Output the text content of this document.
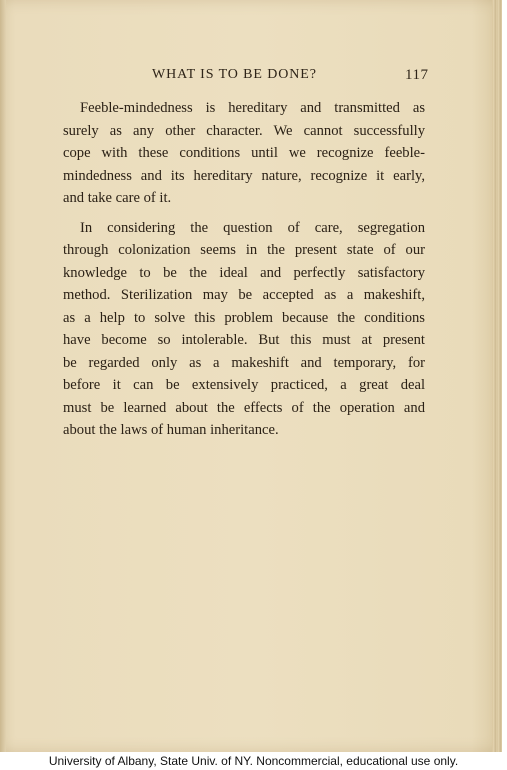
WHAT IS TO BE DONE?	117
Feeble-mindedness is hereditary and transmitted as
surely as any other character. We cannot successfully
cope with these conditions until we recognize feeble-
mindedness and its hereditary nature, recognize it early,
and take care of it.
In considering the question of care, segregation
through colonization seems in the present state of our
knowledge to be the ideal and perfectly satisfactory
method. Sterilization may be accepted as a makeshift,
as a help to solve this problem because the conditions
have become so intolerable. But this must at present
be regarded only as a makeshift and temporary, for
before it can be extensively practiced, a great deal
must be learned about the effects of the operation and
about the laws of human inheritance.
University of Albany, State Univ. of NY. Noncommercial, educational use only.
